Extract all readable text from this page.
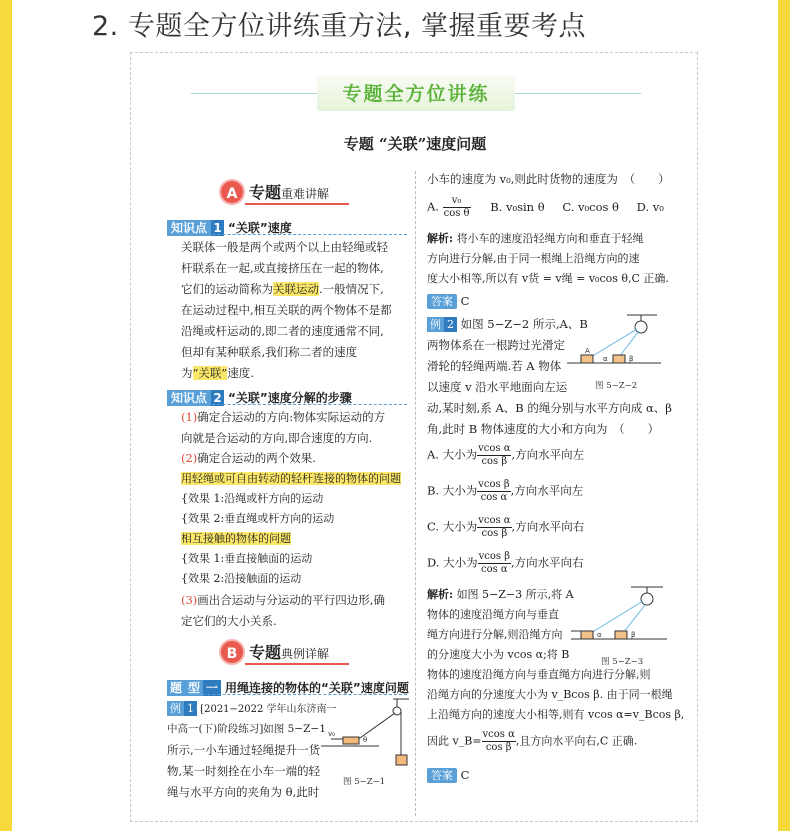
2. 专题全方位讲练重方法, 掌握重要考点
专题全方位讲练
专题 “关联”速度问题
A 专题重难讲解
知识点 1 “关联”速度
关联体一般是两个或两个以上由轻绳或轻
杆联系在一起,或直接挤压在一起的物体,
它们的运动简称为关联运动.一般情况下,
在运动过程中,相互关联的两个物体不是都
沿绳或杆运动的,即二者的速度通常不同,
但却有某种联系,我们称二者的速度
为“关联”速度.
知识点 2 “关联”速度分解的步骤
(1)确定合运动的方向:物体实际运动的方
向就是合运动的方向,即合速度的方向.
(2)确定合运动的两个效果.
用轻绳或可自由转动的轻杆连接的物体的问题
{效果 1:沿绳或杆方向的运动
{效果 2:垂直绳或杆方向的运动
相互接触的物体的问题
{效果 1:垂直接触面的运动
{效果 2:沿接触面的运动
(3)画出合运动与分运动的平行四边形,确
定它们的大小关系.
B 专题典例详解
题 型 一 用绳连接的物体的“关联”速度问题
例 1 [2021−2022 学年山东济南一
中高一(下)阶段练习]如图 5−Z−1
所示,一小车通过轻绳提升一货
物,某一时刻拴在小车一端的轻
绳与水平方向的夹角为 θ,此时
v₀
θ
图 5−Z−1
小车的速度为 v₀,则此时货物的速度为　（　　）
A. $\frac{\text{v₀}}{\text{cos θ}} B$. v₀sin θ C. v₀cos θ D. v₀
解析: 将小车的速度沿轻绳方向和垂直于轻绳
方向进行分解,由于同一根绳上沿绳方向的速
度大小相等,所以有 v货 = v绳 = v₀cos θ,C 正确.
答案 C
例 2 如图 5−Z−2 所示,A、B
两物体系在一根跨过光滑定
滑轮的轻绳两端.若 A 物体
以速度 v 沿水平地面向左运
动,某时刻,系 A、B 的绳分别与水平方向成 α、β
角,此时 B 物体速度的大小和方向为　（　　）
A
α	β
图 5−Z−2
A. 大小为 $\frac{\text{vcos α}}{\text{cos β}}$ ,方向水平向左
B. 大小为 $\frac{\text{vcos β}}{\text{cos α}}$ ,方向水平向左
C. 大小为 $\frac{\text{vcos α}}{\text{cos β}}$ ,方向水平向右
D. 大小为 $\frac{\text{vcos β}}{\text{cos α}}$ ,方向水平向右
解析: 如图 5−Z−3 所示,将 A
物体的速度沿绳方向与垂直
绳方向进行分解,则沿绳方向
的分速度大小为 vcos α;将 B
物体的速度沿绳方向与垂直绳方向进行分解,则
沿绳方向的分速度大小为 v_Bcos β. 由于同一根绳
上沿绳方向的速度大小相等,则有 vcos α=v_Bcos β,
因此 v_B= $\frac{\text{vcos α}}{\text{cos β}}$ ,且方向水平向右,C 正确.
α	β
图 5−Z−3
答案 C
